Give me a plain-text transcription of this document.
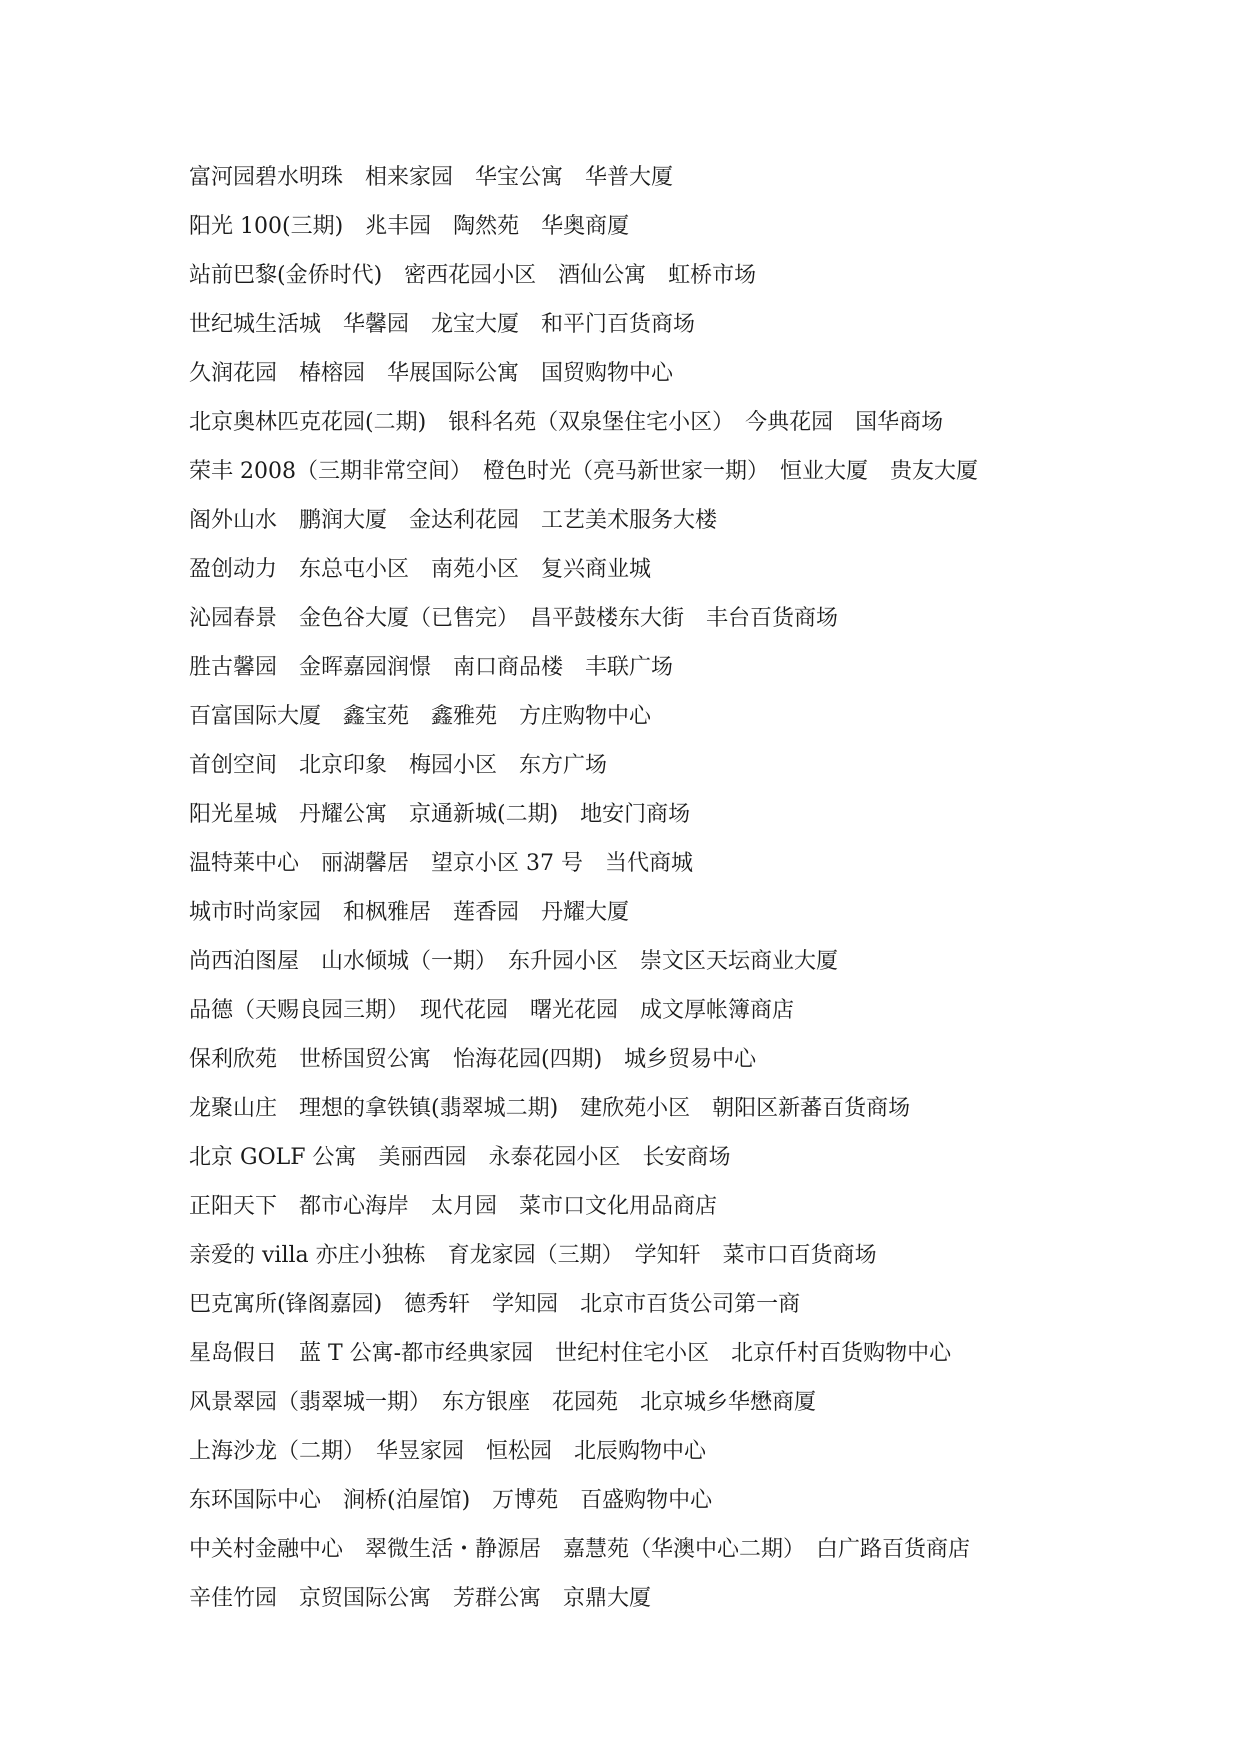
富河园碧水明珠　相来家园　华宝公寓　华普大厦
阳光 100(三期)　兆丰园　陶然苑　华奥商厦
站前巴黎(金侨时代)　密西花园小区　酒仙公寓　虹桥市场
世纪城生活城　华馨园　龙宝大厦　和平门百货商场
久润花园　椿榕园　华展国际公寓　国贸购物中心
北京奥林匹克花园(二期)　银科名苑（双泉堡住宅小区）　今典花园　国华商场
荣丰 2008（三期非常空间）　橙色时光（亮马新世家一期）　恒业大厦　贵友大厦
阁外山水　鹏润大厦　金达利花园　工艺美术服务大楼
盈创动力　东总屯小区　南苑小区　复兴商业城
沁园春景　金色谷大厦（已售完）　昌平鼓楼东大街　丰台百货商场
胜古馨园　金晖嘉园润憬　南口商品楼　丰联广场
百富国际大厦　鑫宝苑　鑫雅苑　方庄购物中心
首创空间　北京印象　梅园小区　东方广场
阳光星城　丹耀公寓　京通新城(二期)　地安门商场
温特莱中心　丽湖馨居　望京小区 37 号　当代商城
城市时尚家园　和枫雅居　莲香园　丹耀大厦
尚西泊图屋　山水倾城（一期）　东升园小区　崇文区天坛商业大厦
品德（天赐良园三期）　现代花园　曙光花园　成文厚帐簿商店
保利欣苑　世桥国贸公寓　怡海花园(四期)　城乡贸易中心
龙聚山庄　理想的拿铁镇(翡翠城二期)　建欣苑小区　朝阳区新蕃百货商场
北京 GOLF 公寓　美丽西园　永泰花园小区　长安商场
正阳天下　都市心海岸　太月园　菜市口文化用品商店
亲爱的 villa 亦庄小独栋　育龙家园（三期）　学知轩　菜市口百货商场
巴克寓所(锋阁嘉园)　德秀轩　学知园　北京市百货公司第一商
星岛假日　蓝 T 公寓-都市经典家园　世纪村住宅小区　北京仟村百货购物中心
风景翠园（翡翠城一期）　东方银座　花园苑　北京城乡华懋商厦
上海沙龙（二期）　华昱家园　恒松园　北辰购物中心
东环国际中心　涧桥(泊屋馆)　万博苑　百盛购物中心
中关村金融中心　翠微生活・静源居　嘉慧苑（华澳中心二期）　白广路百货商店
辛佳竹园　京贸国际公寓　芳群公寓　京鼎大厦
